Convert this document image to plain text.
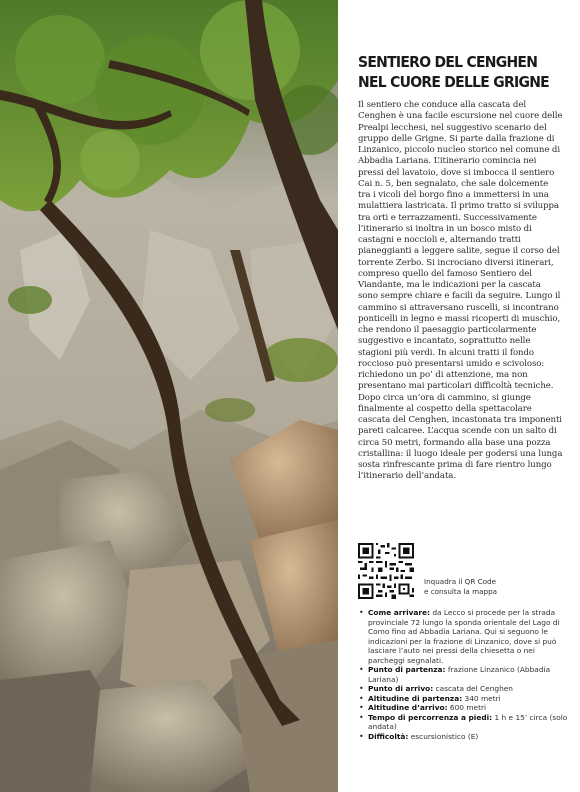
SENTIERO DEL CENGHEN
NEL CUORE DELLE GRIGNE

Il sentiero che conduce alla cascata del Cenghen è una facile escursione nel cuore delle Prealpi lecchesi, nel suggestivo scenario del gruppo delle Grigne. Si parte dalla frazione di Linzanico, piccolo nucleo storico nel comune di Abbadia Lariana. L’itinerario comincia nei pressi del lavatoio, dove si imbocca il sentiero Cai n. 5, ben segnalato, che sale dolcemente tra i vicoli del borgo fino a immettersi in una mulattiera lastricata. Il primo tratto si sviluppa tra orti e terrazzamenti. Successivamente l’itinerario si inoltra in un bosco misto di castagni e noccioli e, alternando tratti pianeggianti a leggere salite, segue il corso del torrente Zerbo. Si incrociano diversi itinerari, compreso quello del famoso Sentiero del Viandante, ma le indicazioni per la cascata sono sempre chiare e facili da seguire. Lungo il cammino si attraversano ruscelli, si incontrano ponticelli in legno e massi ricoperti di muschio, che rendono il paesaggio particolarmente suggestivo e incantato, soprattutto nelle stagioni più verdi. In alcuni tratti il fondo roccioso può presentarsi umido e scivoloso: richiedono un po’ di attenzione, ma non presentano mai particolari difficoltà tecniche. Dopo circa un’ora di cammino, si giunge finalmente al cospetto della spettacolare cascata del Cenghen, incastonata tra imponenti pareti calcaree. L’acqua scende con un salto di circa 50 metri, formando alla base una pozza cristallina: il luogo ideale per godersi una lunga sosta rinfrescante prima di fare rientro lungo l’itinerario dell’andata.

Inquadra il QR Code
e consulta la mappa
• Come arrivare: da Lecco si procede per la strada provinciale 72 lungo la sponda orientale del Lago di Como fino ad Abbadia Lariana. Qui si seguono le indicazioni per la frazione di Linzanico, dove si può lasciare l’auto nei pressi della chiesetta o nei parcheggi segnalati.
• Punto di partenza: frazione Linzanico (Abbadia Lariana)
• Punto di arrivo: cascata del Cenghen
• Altitudine di partenza: 340 metri
• Altitudine d’arrivo: 600 metri
• Tempo di percorrenza a piedi: 1 h e 15’ circa (solo andata)
• Difficoltà: escursionistico (E)
